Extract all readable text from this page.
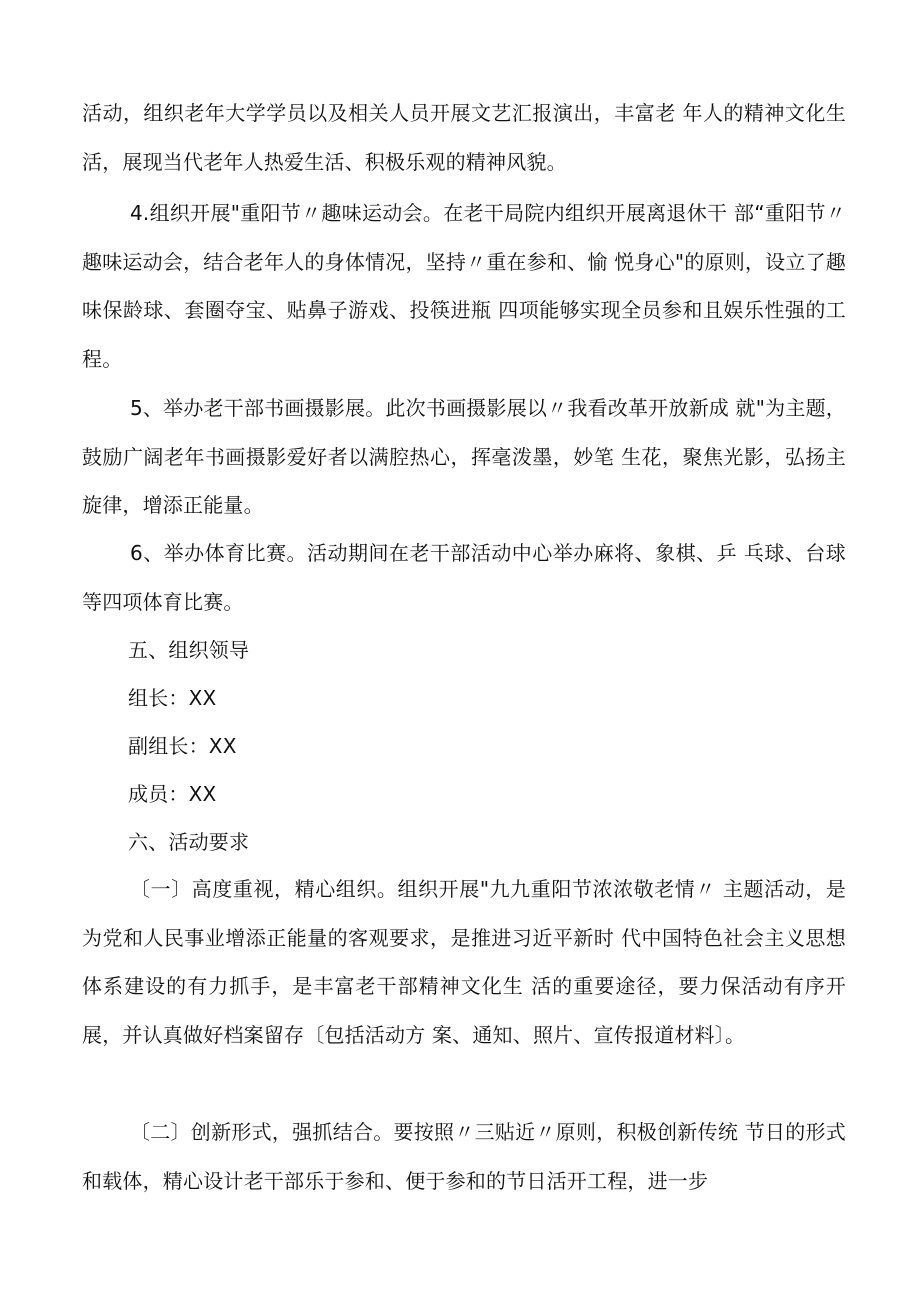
活动，组织老年大学学员以及相关人员开展文艺汇报演出，丰富老 年人的精神文化生活，展现当代老年人热爱生活、积极乐观的精神风貌。

4.组织开展"重阳节〃趣味运动会。在老干局院内组织开展离退休干 部“重阳节〃趣味运动会，结合老年人的身体情况，坚持〃重在参和、愉 悦身心"的原则，设立了趣味保龄球、套圈夺宝、贴鼻子游戏、投筷进瓶 四项能够实现全员参和且娱乐性强的工程。

5、举办老干部书画摄影展。此次书画摄影展以〃我看改革开放新成 就"为主题，鼓励广阔老年书画摄影爱好者以满腔热心，挥毫泼墨，妙笔 生花，聚焦光影，弘扬主旋律，增添正能量。

6、举办体育比赛。活动期间在老干部活动中心举办麻将、象棋、乒 乓球、台球等四项体育比赛。

五、组织领导

组长：XX

副组长：XX

成员：XX

六、活动要求

〔一〕高度重视，精心组织。组织开展"九九重阳节浓浓敬老情〃 主题活动，是为党和人民事业增添正能量的客观要求，是推进习近平新时 代中国特色社会主义思想体系建设的有力抓手，是丰富老干部精神文化生 活的重要途径，要力保活动有序开展，并认真做好档案留存〔包括活动方 案、通知、照片、宣传报道材料〕。

〔二〕创新形式，强抓结合。要按照〃三贴近〃原则，积极创新传统 节日的形式和载体，精心设计老干部乐于参和、便于参和的节日活开工程，进一步
